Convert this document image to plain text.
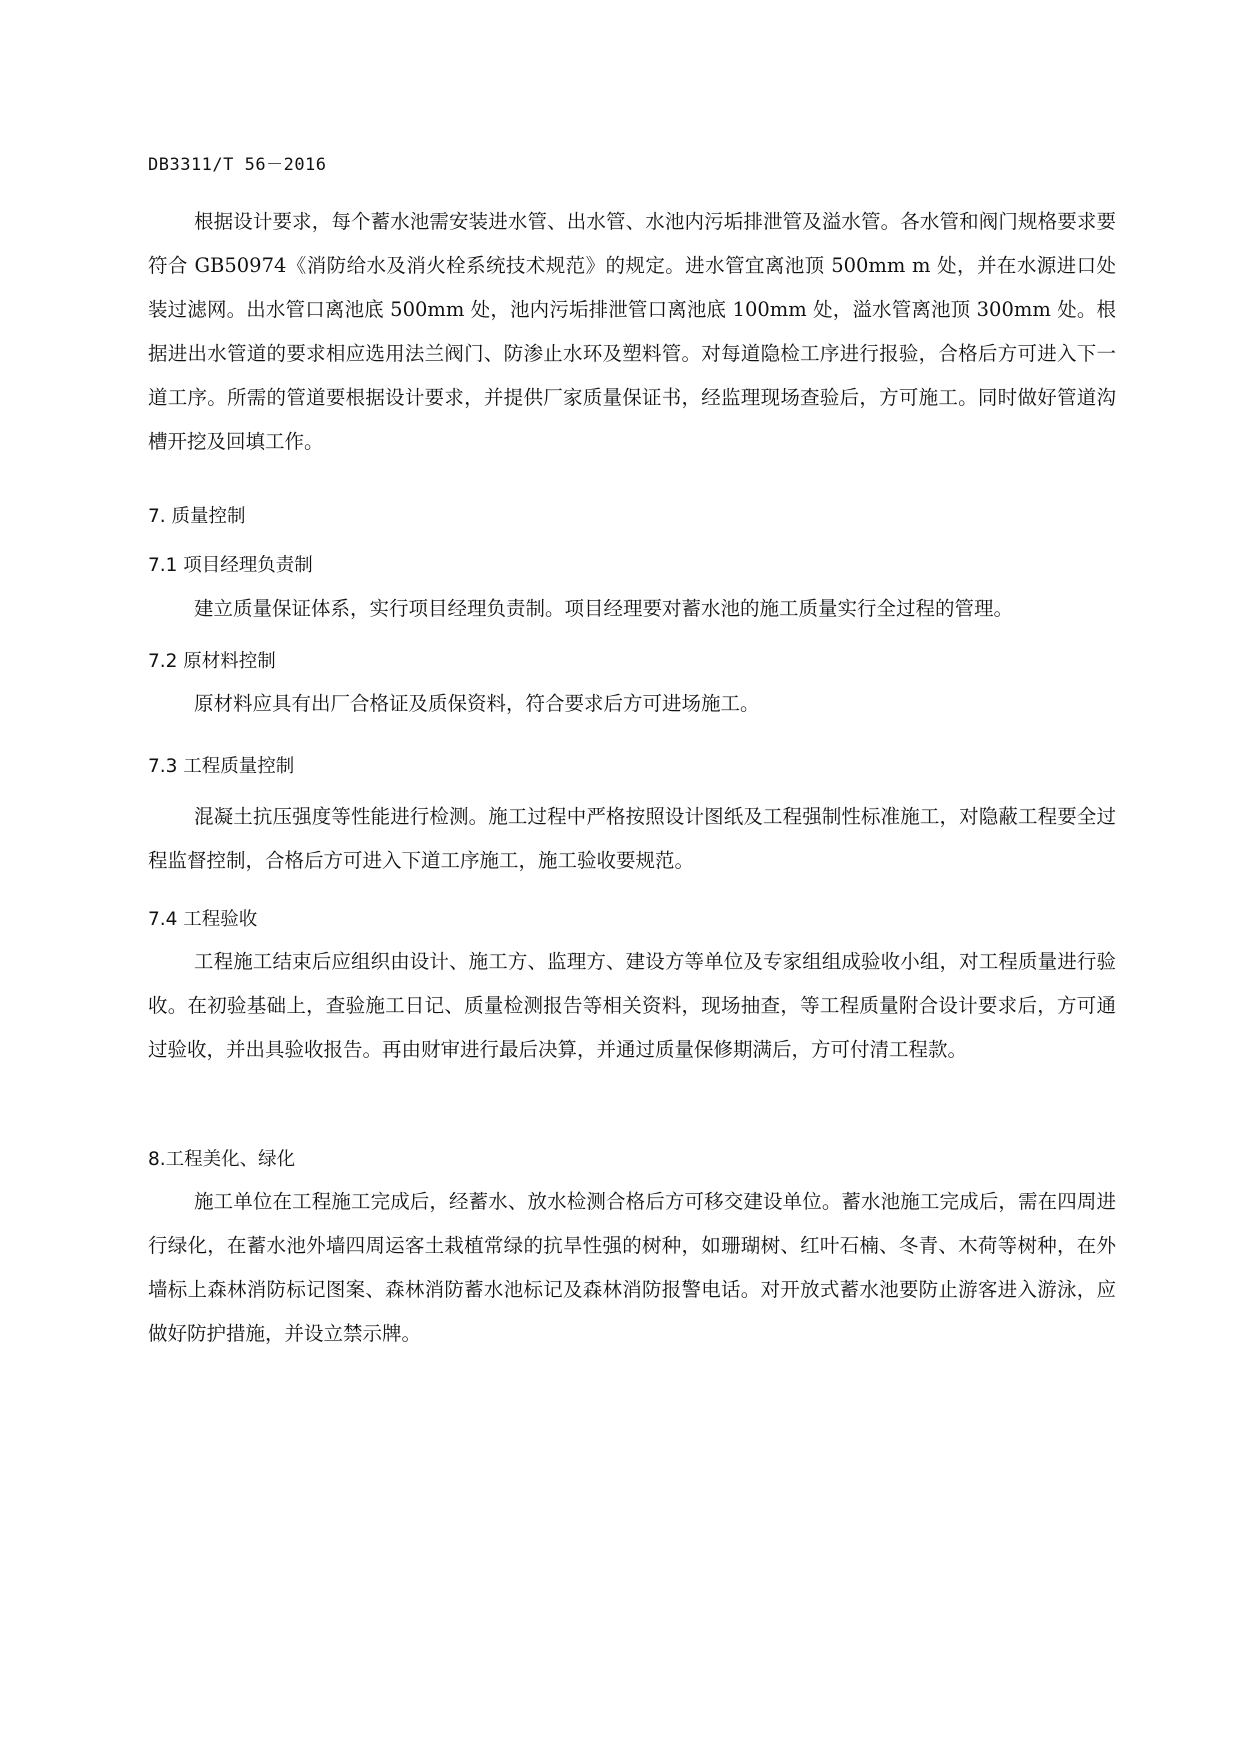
DB3311/T 56－2016

根据设计要求，每个蓄水池需安装进水管、出水管、水池内污垢排泄管及溢水管。各水管和阀门规格要求要符合 GB50974《消防给水及消火栓系统技术规范》的规定。进水管宜离池顶 500mm m 处，并在水源进口处装过滤网。出水管口离池底 500mm 处，池内污垢排泄管口离池底 100mm 处，溢水管离池顶 300mm 处。根据进出水管道的要求相应选用法兰阀门、防渗止水环及塑料管。对每道隐检工序进行报验，合格后方可进入下一道工序。所需的管道要根据设计要求，并提供厂家质量保证书，经监理现场查验后，方可施工。同时做好管道沟槽开挖及回填工作。

7. 质量控制
7.1 项目经理负责制

建立质量保证体系，实行项目经理负责制。项目经理要对蓄水池的施工质量实行全过程的管理。

7.2 原材料控制

原材料应具有出厂合格证及质保资料，符合要求后方可进场施工。

7.3 工程质量控制

混凝土抗压强度等性能进行检测。施工过程中严格按照设计图纸及工程强制性标准施工，对隐蔽工程要全过程监督控制，合格后方可进入下道工序施工，施工验收要规范。

7.4 工程验收

工程施工结束后应组织由设计、施工方、监理方、建设方等单位及专家组组成验收小组，对工程质量进行验收。在初验基础上，查验施工日记、质量检测报告等相关资料，现场抽查，等工程质量附合设计要求后，方可通过验收，并出具验收报告。再由财审进行最后决算，并通过质量保修期满后，方可付清工程款。

8.工程美化、绿化

施工单位在工程施工完成后，经蓄水、放水检测合格后方可移交建设单位。蓄水池施工完成后，需在四周进行绿化，在蓄水池外墙四周运客土栽植常绿的抗旱性强的树种，如珊瑚树、红叶石楠、冬青、木荷等树种，在外墙标上森林消防标记图案、森林消防蓄水池标记及森林消防报警电话。对开放式蓄水池要防止游客进入游泳，应做好防护措施，并设立禁示牌。
